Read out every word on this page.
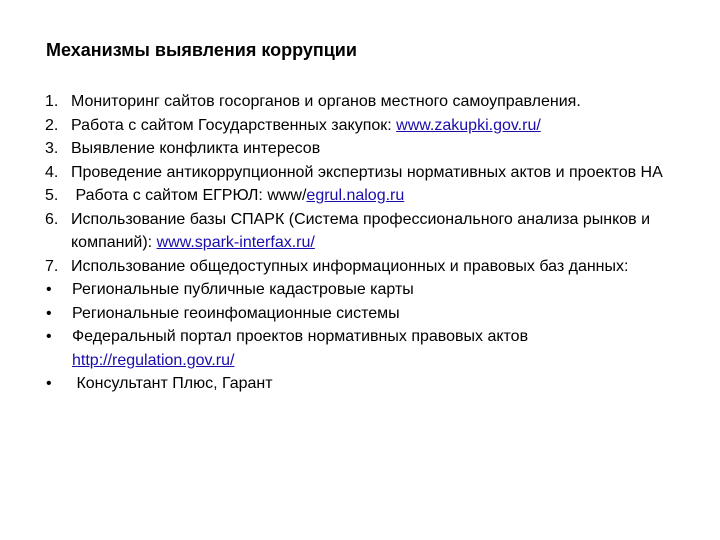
Механизмы выявления коррупции
1. Мониторинг сайтов госорганов и органов местного самоуправления.
2. Работа с сайтом Государственных закупок: www.zakupki.gov.ru/
3. Выявление конфликта интересов
4. Проведение антикоррупционной экспертизы нормативных актов и проектов НА
5. Работа с сайтом ЕГРЮЛ: www/egrul.nalog.ru
6. Использование базы СПАРК (Система профессионального анализа рынков и компаний): www.spark-interfax.ru/
7. Использование общедоступных информационных и правовых баз данных:
•	Региональные публичные кадастровые карты
•	Региональные геоинфомационные системы
•	Федеральный портал проектов нормативных правовых актов http://regulation.gov.ru/
•	Консультант Плюс, Гарант
